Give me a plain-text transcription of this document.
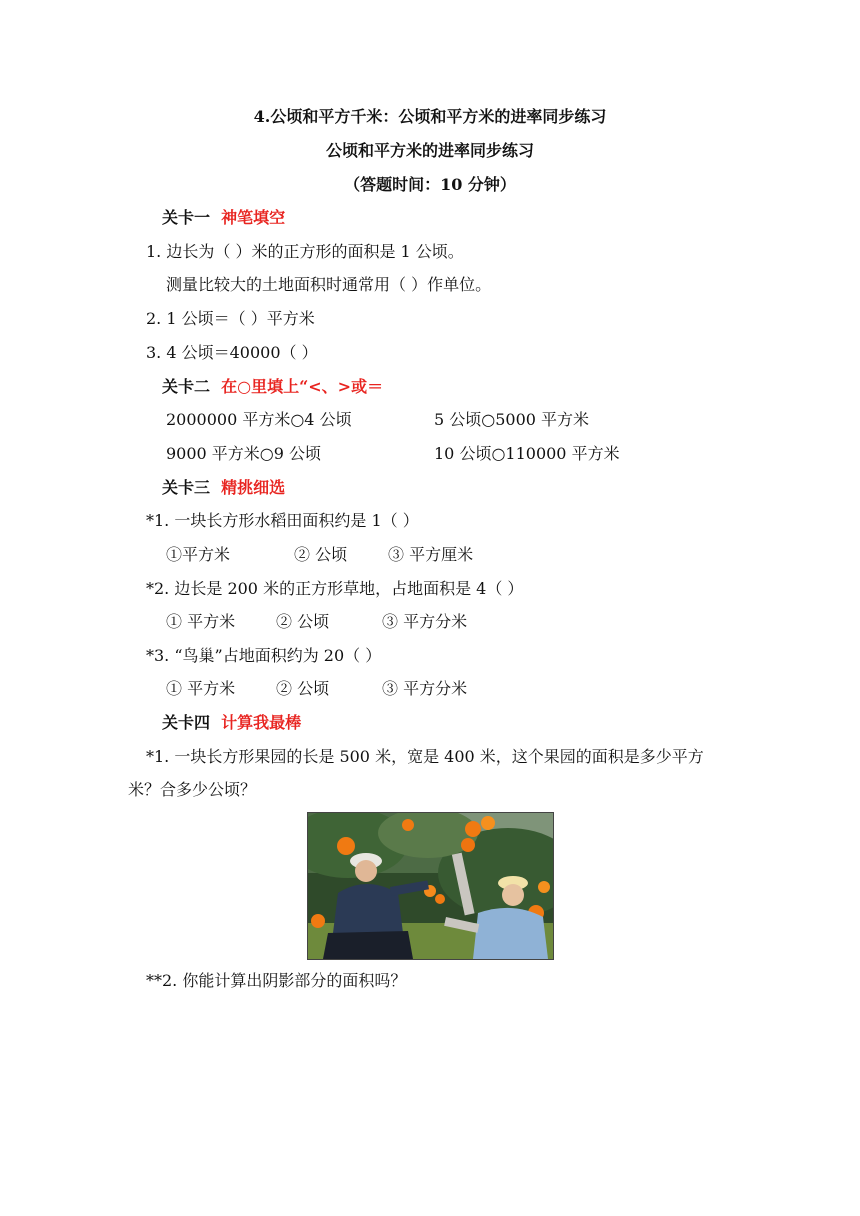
4.公顷和平方千米：公顷和平方米的进率同步练习
公顷和平方米的进率同步练习
（答题时间：10 分钟）
关卡一 神笔填空
1. 边长为（ ）米的正方形的面积是 1 公顷。
测量比较大的土地面积时通常用（ ）作单位。
2. 1 公顷＝（ ）平方米
3. 4 公顷＝40000（ ）
关卡二 在○里填上“<、>或＝
2000000 平方米○4 公顷	5 公顷○5000 平方米
9000 平方米○9 公顷	10 公顷○110000 平方米
关卡三 精挑细选
*1. 一块长方形水稻田面积约是 1（ ）
①平方米	② 公顷	③ 平方厘米
*2. 边长是 200 米的正方形草地，占地面积是 4（ ）
① 平方米	② 公顷	③ 平方分米
*3. “鸟巢”占地面积约为 20（ ）
① 平方米	② 公顷	③ 平方分米
关卡四 计算我最棒
*1. 一块长方形果园的长是 500 米，宽是 400 米，这个果园的面积是多少平方
米？合多少公顷？
**2. 你能计算出阴影部分的面积吗？
